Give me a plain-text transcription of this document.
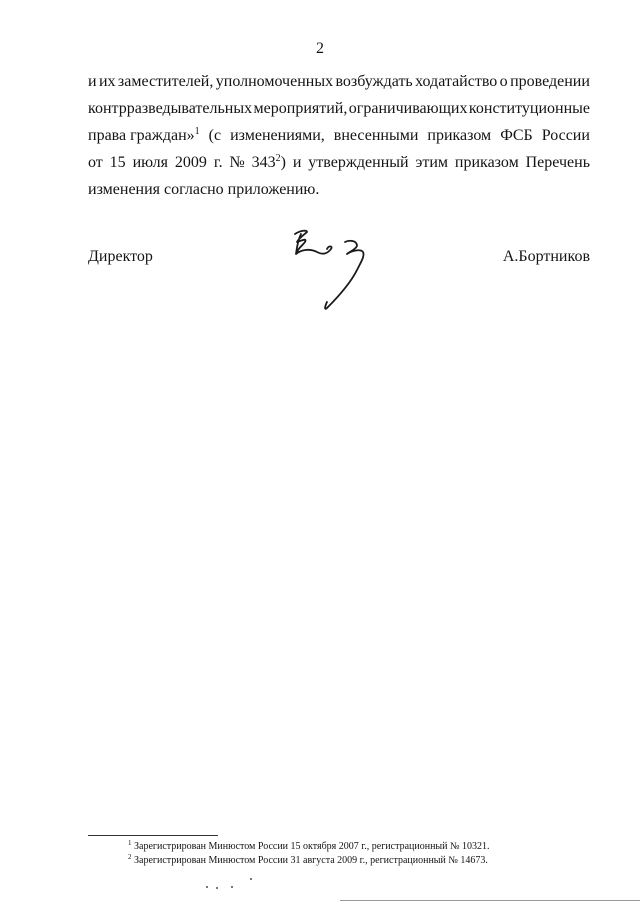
2
и их заместителей, уполномоченных возбуждать ходатайство о проведении
контрразведывательных мероприятий, ограничивающих конституционные
права граждан»$^1$ (с изменениями, внесенными приказом ФСБ России
от 15 июля 2009 г. № $343^2$) и утвержденный этим приказом Перечень
изменения согласно приложению.
Директор	А.Бортников
$^1$ Зарегистрирован Минюстом России 15 октября 2007 г., регистрационный № 10321.
$^2$ Зарегистрирован Минюстом России 31 августа 2009 г., регистрационный № 14673.
